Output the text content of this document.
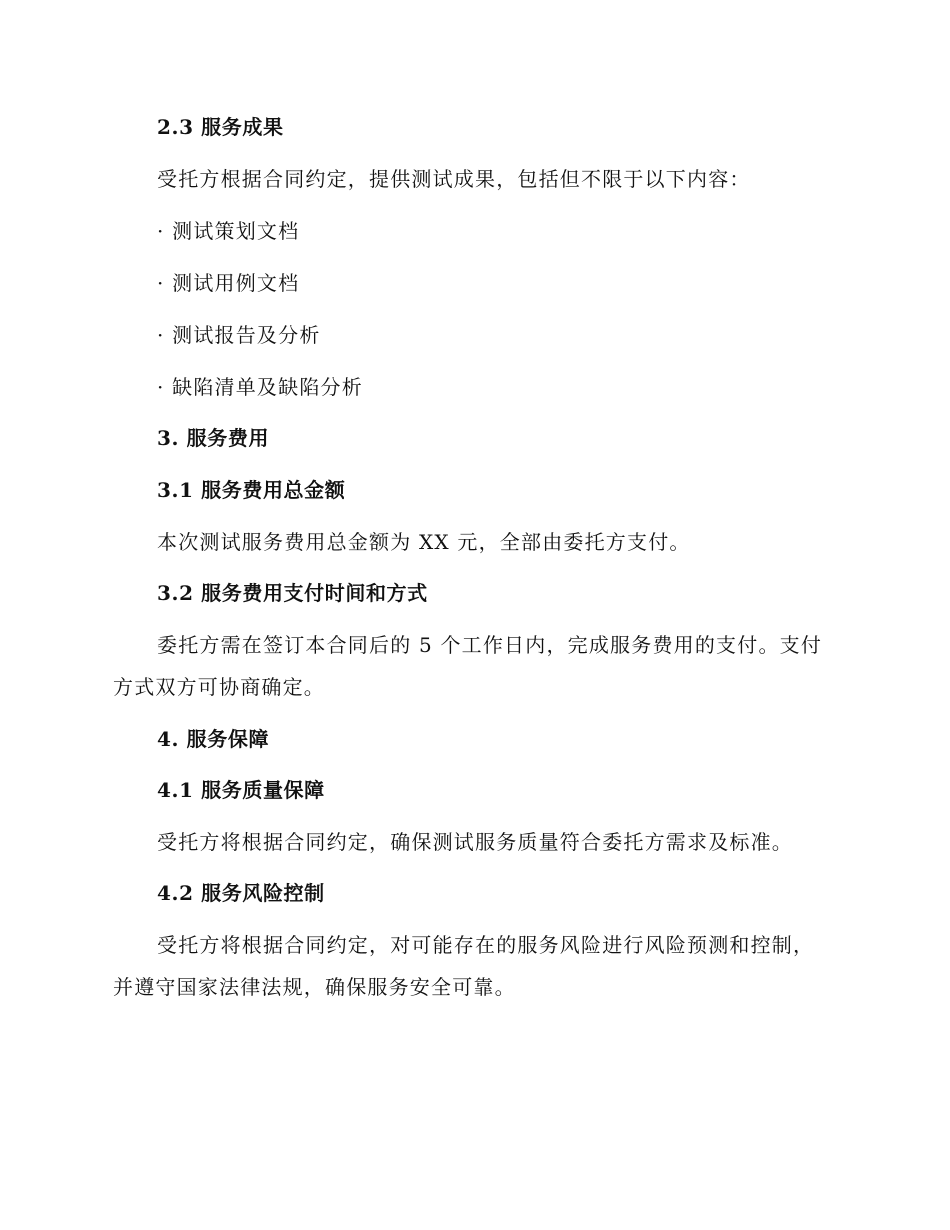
2.3 服务成果
受托方根据合同约定，提供测试成果，包括但不限于以下内容：
· 测试策划文档
· 测试用例文档
· 测试报告及分析
· 缺陷清单及缺陷分析
3. 服务费用
3.1 服务费用总金额
本次测试服务费用总金额为 XX 元，全部由委托方支付。
3.2 服务费用支付时间和方式
委托方需在签订本合同后的 5 个工作日内，完成服务费用的支付。支付
方式双方可协商确定。
4. 服务保障
4.1 服务质量保障
受托方将根据合同约定，确保测试服务质量符合委托方需求及标准。
4.2 服务风险控制
受托方将根据合同约定，对可能存在的服务风险进行风险预测和控制，
并遵守国家法律法规，确保服务安全可靠。
